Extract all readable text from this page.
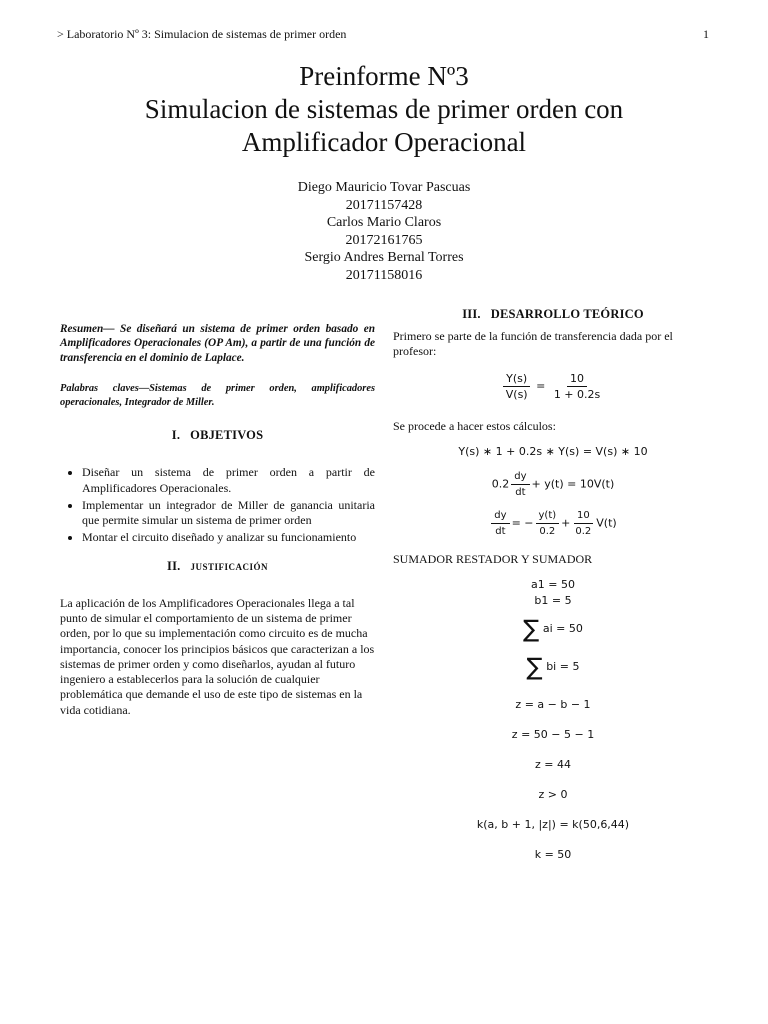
> Laboratorio Nº 3: Simulacion de sistemas de primer orden	1
Preinforme Nº3
Simulacion de sistemas de primer orden con
Amplificador Operacional
Diego Mauricio Tovar Pascuas
20171157428
Carlos Mario Claros
20172161765
Sergio Andres Bernal Torres
20171158016
Resumen— Se diseñará un sistema de primer orden basado en Amplificadores Operacionales (OP Am), a partir de una función de transferencia en el dominio de Laplace.
Palabras claves—Sistemas de primer orden, amplificadores operacionales, Integrador de Miller.
I. OBJETIVOS
• Diseñar un sistema de primer orden a partir de Amplificadores Operacionales.
• Implementar un integrador de Miller de ganancia unitaria que permite simular un sistema de primer orden
• Montar el circuito diseñado y analizar su funcionamiento
II. JUSTIFICACIÓN
La aplicación de los Amplificadores Operacionales llega a tal punto de simular el comportamiento de un sistema de primer orden, por lo que su implementación como circuito es de mucha importancia, conocer los principios básicos que caracterizan a los sistemas de primer orden y como diseñarlos, ayudan al futuro ingeniero a establecerlos para la solución de cualquier problemática que demande el uso de este tipo de sistemas en la vida cotidiana.
III. DESARROLLO TEÓRICO
Primero se parte de la función de transferencia dada por el profesor:
$\frac{Y(s)}{V(s)} = \frac{10}{1 + 0.2s}$
Se procede a hacer estos cálculos:
Y(s) ∗ 1 + 0.2s ∗ Y(s) = V(s) ∗ 10
$0.2 \frac{dy}{dt} + y(t) = 10V(t)$
$\frac{dy}{dt}$ = − $\frac{y(t)}{0.2} + \frac{10}{0.2} V(t)$
SUMADOR RESTADOR Y SUMADOR
a1 = 50
b1 = 5
∑ ai = 50
∑ bi = 5
z = a − b − 1
z = 50 − 5 − 1
z = 44
z > 0
k(a, b + 1, |z|) = k(50,6,44)
k = 50
